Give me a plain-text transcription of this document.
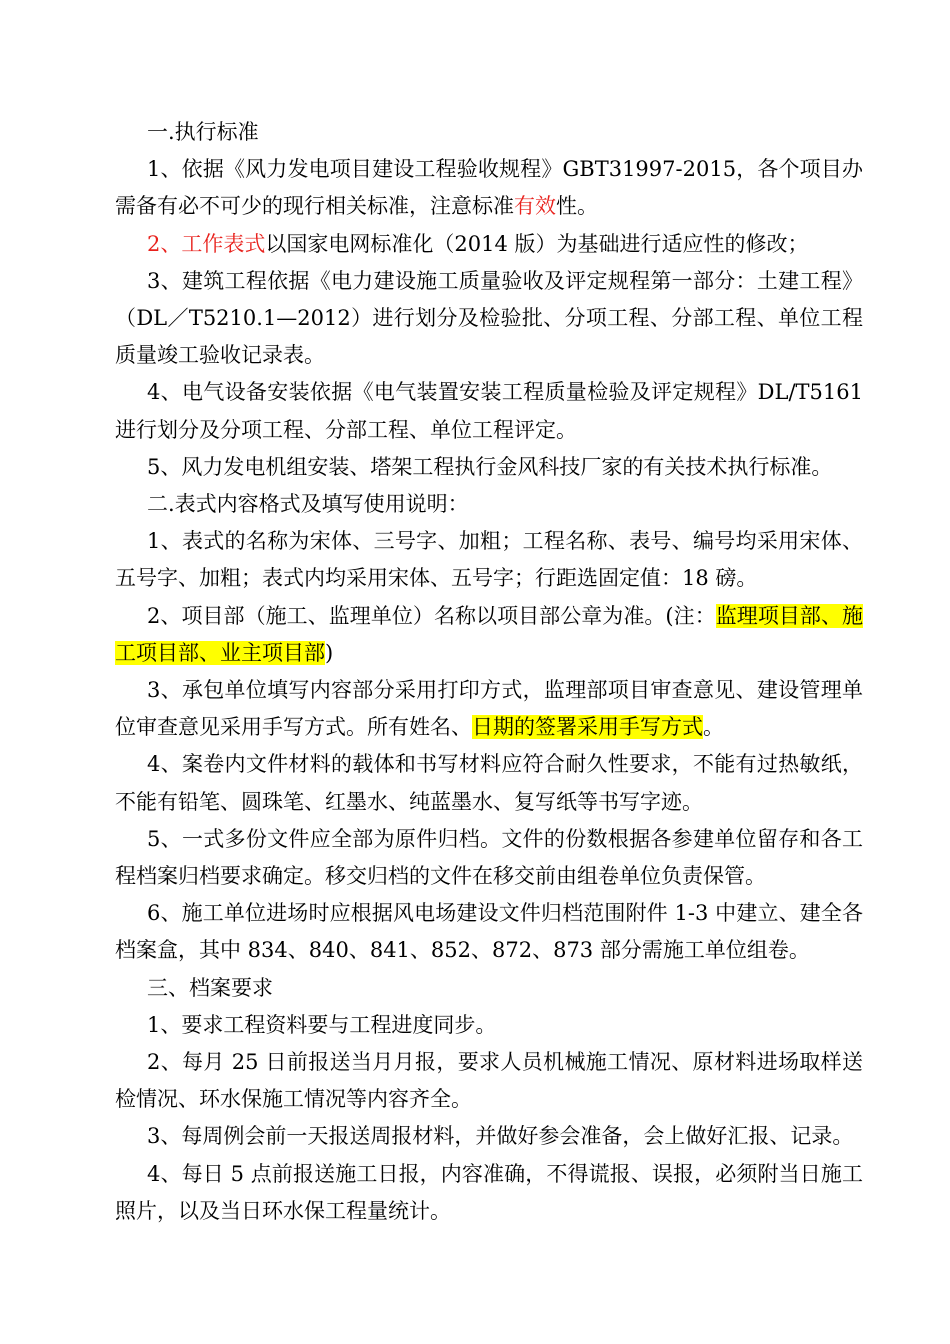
一.执行标准

1、依据《风力发电项目建设工程验收规程》GBT31997-2015，各个项目办需备有必不可少的现行相关标准，注意标准有效性。

2、工作表式以国家电网标准化（2014 版）为基础进行适应性的修改；

3、建筑工程依据《电力建设施工质量验收及评定规程第一部分：土建工程》（DL／T5210.1—2012）进行划分及检验批、分项工程、分部工程、单位工程质量竣工验收记录表。

4、电气设备安装依据《电气装置安装工程质量检验及评定规程》DL/T5161 进行划分及分项工程、分部工程、单位工程评定。

5、风力发电机组安装、塔架工程执行金风科技厂家的有关技术执行标准。

二.表式内容格式及填写使用说明：

1、表式的名称为宋体、三号字、加粗；工程名称、表号、编号均采用宋体、五号字、加粗；表式内均采用宋体、五号字；行距选固定值：18 磅。

2、项目部（施工、监理单位）名称以项目部公章为准。(注：监理项目部、施工项目部、业主项目部)

3、承包单位填写内容部分采用打印方式，监理部项目审查意见、建设管理单位审查意见采用手写方式。所有姓名、日期的签署采用手写方式。

4、案卷内文件材料的载体和书写材料应符合耐久性要求，不能有过热敏纸，不能有铅笔、圆珠笔、红墨水、纯蓝墨水、复写纸等书写字迹。

5、一式多份文件应全部为原件归档。文件的份数根据各参建单位留存和各工程档案归档要求确定。移交归档的文件在移交前由组卷单位负责保管。

6、施工单位进场时应根据风电场建设文件归档范围附件 1-3 中建立、建全各档案盒，其中 834、840、841、852、872、873 部分需施工单位组卷。

三、档案要求

1、要求工程资料要与工程进度同步。

2、每月 25 日前报送当月月报，要求人员机械施工情况、原材料进场取样送检情况、环水保施工情况等内容齐全。

3、每周例会前一天报送周报材料，并做好参会准备，会上做好汇报、记录。

4、每日 5 点前报送施工日报，内容准确，不得谎报、误报，必须附当日施工照片，以及当日环水保工程量统计。
